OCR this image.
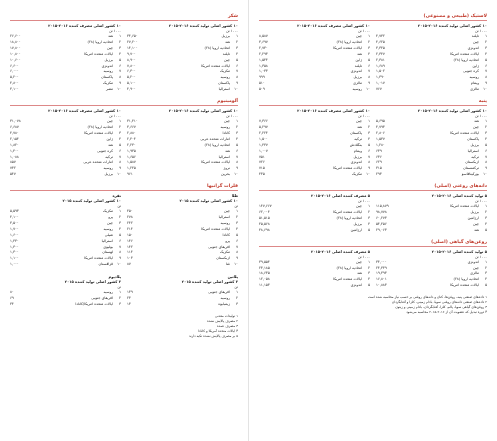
لاستیک (طبیعی و مصنوعی)
۱۰ کشور اصلی تولید کننده ۲۰۱۶-۲۰۱۵
۱۰۰۰ تن
۱
تایلند
۴,۷۳۲
۲
چین
۴,۶۲۵
۳
اندونزی
۳,۳۴۵
۴
ایالات متحده آمریکا
۲,۳۴۷
۵
اتحادیه اروپا (۲۸)
۲,۳۸۱
۶
ژاپن
۱,۶۸۹
۷
کره جنوبی
۱,۵۰۲
۸
روسیه
۱,۳۹۰
۹
ویتنام
۱,۰۱۷
۱۰
مالزی
۷۶۷
۱۰ کشور اصلی مصرف کننده ۲۰۱۶-۲۰۱۵
۱۰۰۰ تن
۱
چین
۸,۵۸۷
۲
اتحادیه اروپا (۲۸)
۳,۶۹۷
۳
ایالات متحده آمریکا
۲,۷۳۰
۴
هند
۲,۲۹۳
۵
ژاپن
۱,۵۴۴
۶
تایلند
۱,۳۵۸
۷
اندونزی
۱,۰۳۳
۸
برزیل
۹۹۹
۹
مالزی
۵۱۰
۱۰
روسیه
۵۰۹
پنبه
۱۰ کشور اصلی تولید کننده ۲۰۱۶-۲۰۱۵
۱۰۰۰ تن
۱
هند
۵,۶۹۵
۲
چین
۴,۷۹۳
۳
ایالات متحده آمریکا
۲,۸۰۶
۴
پاکستان
۱,۵۳۷
۵
برزیل
۱,۲۸۰
۶
استرالیا
۶۳۹
۷
ترکیه
۶۳۶
۸
ازبکستان
۶۲۹
۹
ترکمنستان
۳۱۵
۱۰
بورکینافاسو
۲۹۳
۱۰ کشور اصلی مصرف کننده ۲۰۱۶-۲۰۱۵
۱۰۰۰ تن
۱
چین
۷,۳۶۶
۲
هند
۵,۲۹۷
۳
پاکستان
۲,۲۲۴
۴
ترکیه
۱,۵۰۰
۵
بنگلادش
۱,۴۳۷
۶
ویتنام
۱,۰۰۷
۷
برزیل
۷۵۱
۸
اندونزی
۷۲۶
۹
ایالات متحده آمریکا
۷۱۵
۱۰
مکزیک
۴۳۵
دانه‌های روغنی (اصلی)
۵ تولید کننده اصلی ۲۰۱۶-۲۰۱۵
۱۰۰۰ تن
۱
ایالات متحده آمریکا
۱۱۵,۸۷۹
۲
برزیل
۹۸,۷۷۸
۳
آرژانتین
۶۰,۲۷۳
۴
چین
۵۴,۴۵۶
۵
هند
۲۹,۰۶۳
۵ مصرف کننده اصلی ۲۰۱۶-۲۰۱۵
۱۰۰۰ تن
۱
چین
۱۴۷,۶۶۷
۲
ایالات متحده آمریکا
۶۲,۰۰۴
۳
اتحادیه اروپا (۲۸)
۵۱,۵۱۵
۴
برزیل
۴۵,۵۶۸
۵
آرژانتین
۴۸,۶۹۸
روغن‌های گیاهی (اصلی)
۵ تولید کننده اصلی ۲۰۱۶-۲۰۱۵
۱۰۰۰ تن
۱
اندونزی
۳۴,۰۰۰
۲
چین
۲۴,۳۳۹
۳
مالزی
۱۹,۳۹۳
۴
اتحادیه اروپا (۲۸)
۱۶,۸۰۱
۵
ایالات متحده آمریکا
۱۰,۸۸۳
۵ مصرف کننده اصلی ۲۰۱۶-۲۰۱۵
۱۰۰۰ تن
۱
چین
۳۹,۵۵۴
۲
اتحادیه اروپا (۲۸)
۲۳,۱۸۵
۳
هند
۱۸,۶۳۵
۴
ایالات متحده آمریکا
۱۲,۰۵۸
۵
اندونزی
۱۱,۱۵۳
۱ داده‌های صنعتی پنبه، روغن‌ها، کتان و دانه‌های روغنی بر حسب نیاز محاسبه شده است
۲ داده‌های صنعتی دانه‌های روغنی سویا، بادام زمینی، کلزا و آفتابگردان
۳ روغن‌های گیاهی سویا، پالم، کلزا، آفتابگردان، بادام زمینی و زیتون
۴ دوره تبدیل که عضویت آن از ۲۰۱۶-۲۰۱۵ محاسبه می‌شود
شکر
۱۰ کشور اصلی تولید کننده ۲۰۱۶-۲۰۱۵
۱۰۰۰ تن
۱
برزیل
۳۴,۶۵۰
۲
هند
۲۷,۲۰۰
۳
اتحادیه اروپا (۲۸)
۱۴,۱۰۰
۴
تایلند
۹,۷۰۰
۵
چین
۸,۹۰۰
۶
ایالات متحده آمریکا
۷,۸۰۰
۷
مکزیک
۶,۳۰۰
۸
روسیه
۵,۲۰۰
۹
پاکستان
۵,۱۰۰
۱۰
استرالیا
۴,۹۰۰
۱۰ کشور اصلی مصرف کننده ۲۰۱۶-۲۰۱۵
۱۰۰۰ تن
۱
هند
۲۶,۶۰۰
۲
اتحادیه اروپا (۲۸)
۱۸,۸۰۰
۳
چین
۱۷,۸۰۰
۴
ایالات متحده آمریکا
۱۰,۸۰۰
۵
برزیل
۱۰,۶۰۰
۶
اندونزی
۶,۶۰۰
۷
روسیه
۶,۰۰۰
۸
پاکستان
۵,۲۰۰
۹
مکزیک
۴,۸۰۰
۱۰
مصر
۳,۱۰۰
آلومینیوم
۱۰ کشور اصلی تولید کننده ۲۰۱۶-۲۰۱۵
۱۰۰۰ تن
۱
چین
۳۱,۴۱۰
۲
روسیه
۳,۶۶۷
۳
کانادا
۲,۸۸۰
۴
امارات متحده عربی
۲,۴۰۴
۵
اتحادیه اروپا (۲۸)
۲,۲۳۰
۶
هند
۱,۹۳۵
۷
استرالیا
۱,۶۵۶
۸
ایالات متحده آمریکا
۱,۵۸۷
۹
نروژ
۱,۲۴۵
۱۰
بحرین
۹۶۱
۱۰ کشور اصلی مصرف کننده ۲۰۱۶-۲۰۱۵
۱۰۰۰ تن
۱
چین
۳۱,۰۷۸
۲
اتحادیه اروپا (۲۸)
۶,۶۸۷
۳
ایالات متحده آمریکا
۴,۷۸۰
۴
ژاپن
۲,۱۵۴
۵
هند
۱,۸۲۰
۶
کره جنوبی
۱,۴۰۰
۷
ترکیه
۱,۰۸۸
۸
امارات متحده عربی
۸۵۷
۹
روسیه
۷۳۲
۱۰
برزیل
۵۴۷
فلزات گرانبها
طلا
۱۰ کشور اصلی تولید کننده ۲۰۱۵
تن
۱
چین
۴۵۰
۲
استرالیا
۲۷۸
۳
روسیه
۲۴۲
۴
ایالات متحده آمریکا
۲۱۴
۵
کانادا
۱۵۰
۶
پرو
۱۴۶
۷
آفریقای جنوبی
۱۴۲
۸
مکزیک
۱۱۴
۹
ازبکستان
۱۰۳
۱۰
غنا
۸۷
نقره
۱۰ کشور اصلی تولید کننده ۲۰۱۵
تن
۱
مکزیک
۵,۵۹۳
۲
پرو
۴,۱۰۰
۳
چین
۳,۵۰۰
۴
روسیه
۱,۷۰۰
۵
شیلی
۱,۶۰۰
۶
استرالیا
۱,۴۳۰
۷
بولیوی
۱,۳۰۰
۸
لهستان
۱,۳۰۰
۹
ایالات متحده آمریکا
۱,۱۰۰
۱۰
قزاقستان
۱,۰۰۰
پلاتین
۳ کشور اصلی تولید کننده ۲۰۱۵
تن
۱
آفریقای جنوبی
۱۳۹
۲
روسیه
۲۳
۳
زیمبابوه
۱۳
پلادیوم
۳ کشور اصلی تولید کننده ۲۰۱۵
تن
۱
روسیه
۸۰
۲
آفریقای جنوبی
۶۹
۳
ایالات متحده آمریکا/کانادا
۳۴
۱ تولیدات معدنی
۲ مصرف پالایش نشده
۳ مصرف عمده
۴ ایالات متحده آمریکا و کانادا
۵ بر مصرف پالایش نشده تکیه دارند
